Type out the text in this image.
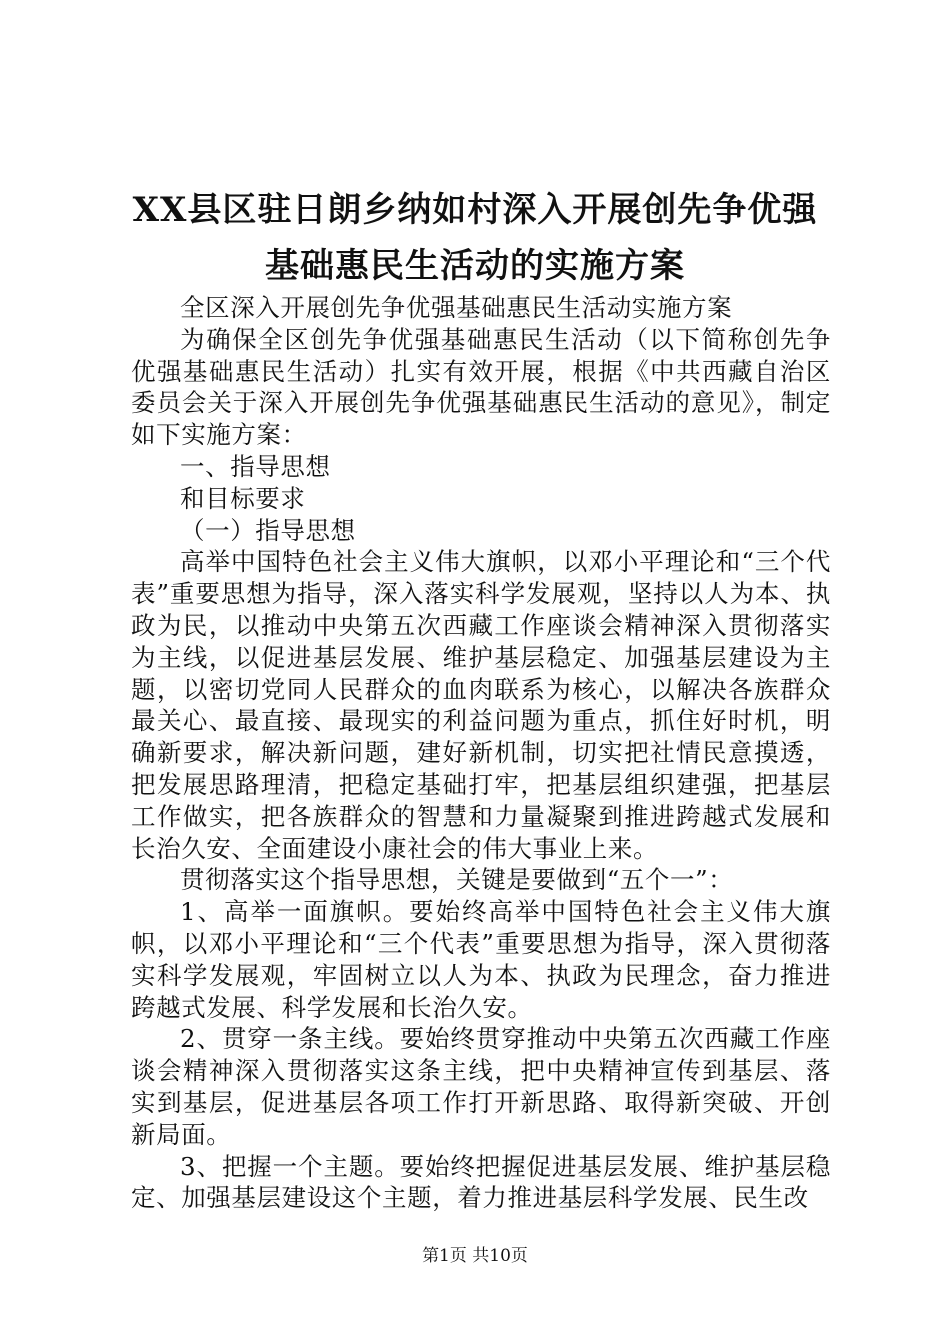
XX县区驻日朗乡纳如村深入开展创先争优强
基础惠民生活动的实施方案

全区深入开展创先争优强基础惠民生活动实施方案

为确保全区创先争优强基础惠民生活动（以下简称创先争优强基础惠民生活动）扎实有效开展，根据《中共西藏自治区委员会关于深入开展创先争优强基础惠民生活动的意见》，制定如下实施方案：

一、指导思想

和目标要求

（一）指导思想

高举中国特色社会主义伟大旗帜，以邓小平理论和“三个代表”重要思想为指导，深入落实科学发展观，坚持以人为本、执政为民，以推动中央第五次西藏工作座谈会精神深入贯彻落实为主线，以促进基层发展、维护基层稳定、加强基层建设为主题，以密切党同人民群众的血肉联系为核心，以解决各族群众最关心、最直接、最现实的利益问题为重点，抓住好时机，明确新要求，解决新问题，建好新机制，切实把社情民意摸透，把发展思路理清，把稳定基础打牢，把基层组织建强，把基层工作做实，把各族群众的智慧和力量凝聚到推进跨越式发展和长治久安、全面建设小康社会的伟大事业上来。

贯彻落实这个指导思想，关键是要做到“五个一”：

1、高举一面旗帜。要始终高举中国特色社会主义伟大旗帜，以邓小平理论和“三个代表”重要思想为指导，深入贯彻落实科学发展观，牢固树立以人为本、执政为民理念，奋力推进跨越式发展、科学发展和长治久安。

2、贯穿一条主线。要始终贯穿推动中央第五次西藏工作座谈会精神深入贯彻落实这条主线，把中央精神宣传到基层、落实到基层，促进基层各项工作打开新思路、取得新突破、开创新局面。

3、把握一个主题。要始终把握促进基层发展、维护基层稳定、加强基层建设这个主题，着力推进基层科学发展、民生改

第1页 共10页
